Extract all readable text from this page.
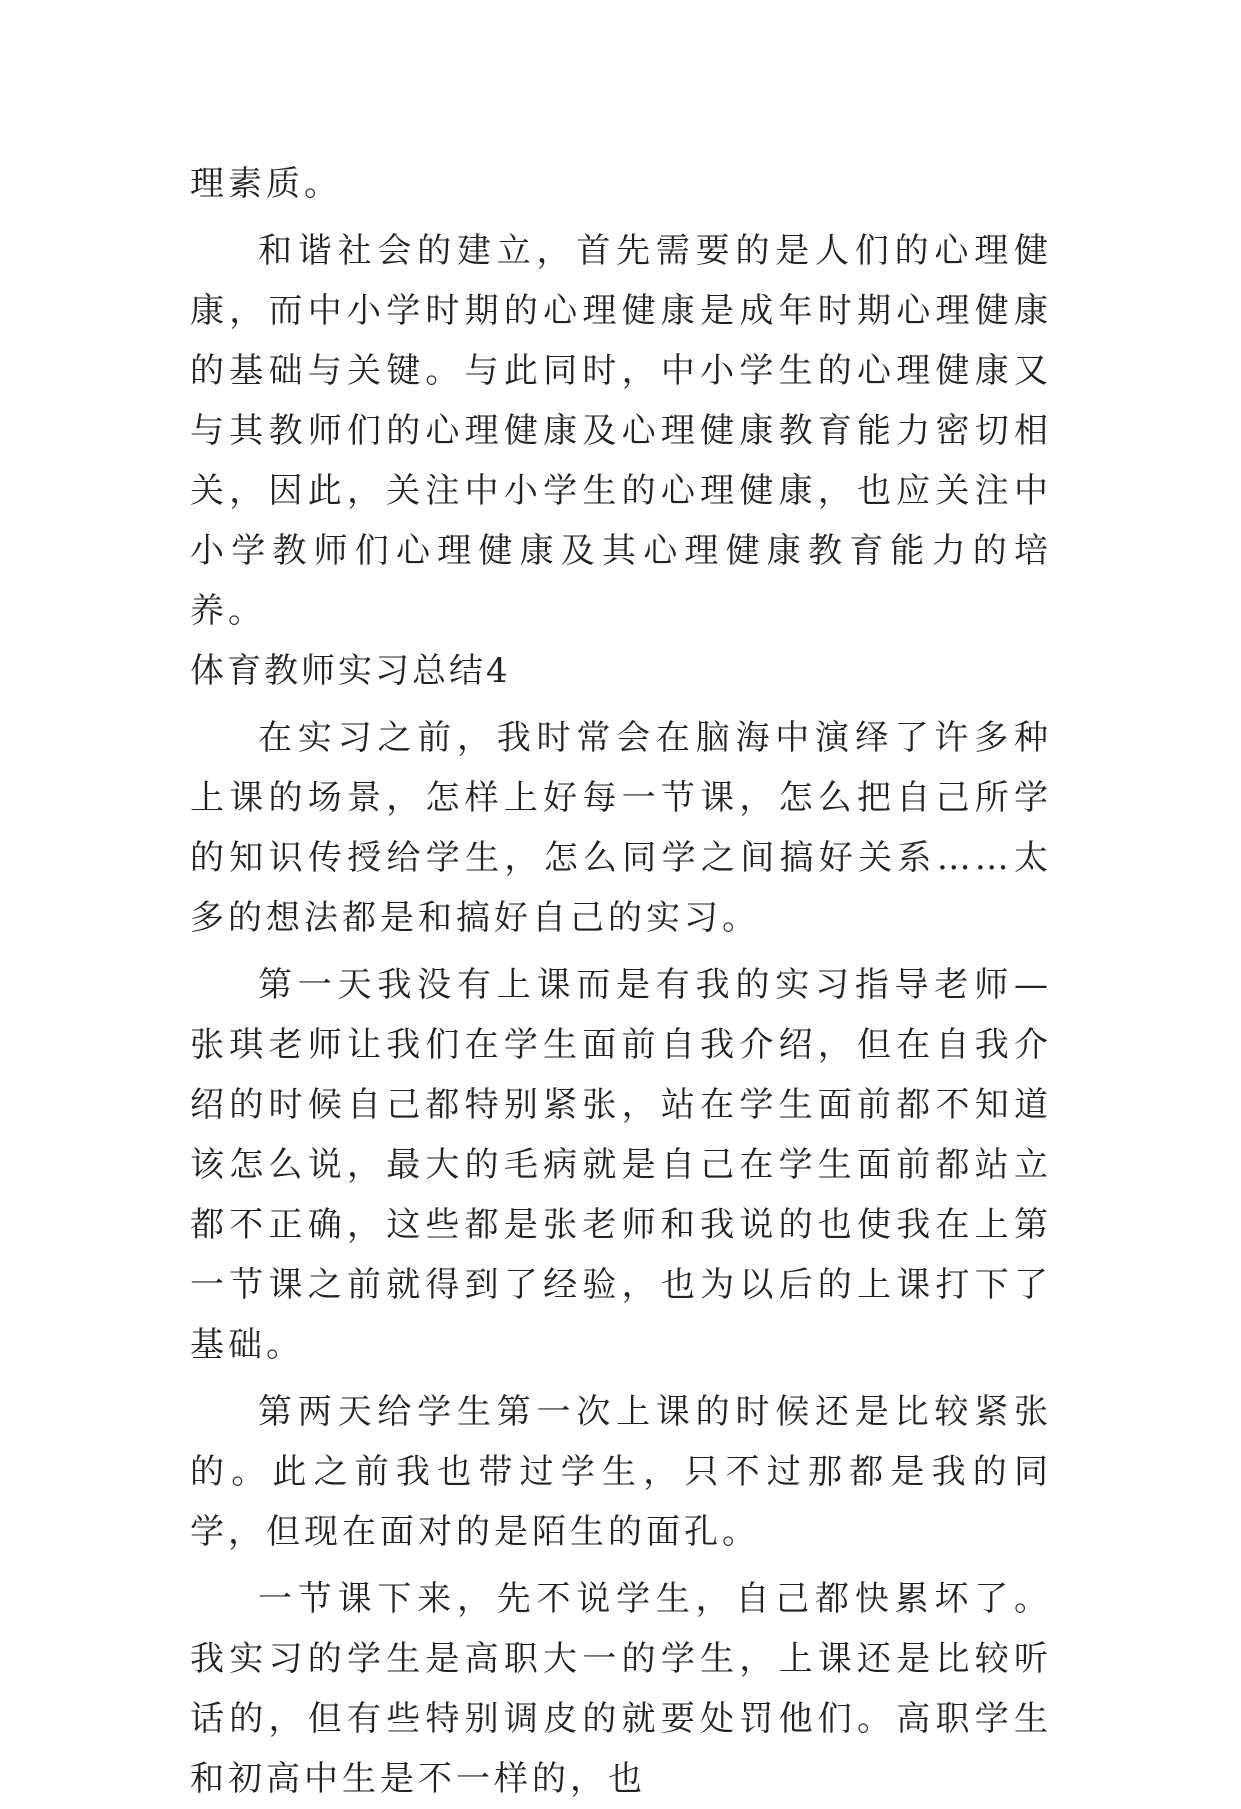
理素质。

和谐社会的建立，首先需要的是人们的心理健康，而中小学时期的心理健康是成年时期心理健康的基础与关键。与此同时，中小学生的心理健康又与其教师们的心理健康及心理健康教育能力密切相关，因此，关注中小学生的心理健康，也应关注中小学教师们心理健康及其心理健康教育能力的培养。

体育教师实习总结4

在实习之前，我时常会在脑海中演绎了许多种上课的场景，怎样上好每一节课，怎么把自己所学的知识传授给学生，怎么同学之间搞好关系……太多的想法都是和搞好自己的实习。

第一天我没有上课而是有我的实习指导老师—张琪老师让我们在学生面前自我介绍，但在自我介绍的时候自己都特别紧张，站在学生面前都不知道该怎么说，最大的毛病就是自己在学生面前都站立都不正确，这些都是张老师和我说的也使我在上第一节课之前就得到了经验，也为以后的上课打下了基础。

第两天给学生第一次上课的时候还是比较紧张的。此之前我也带过学生，只不过那都是我的同学，但现在面对的是陌生的面孔。

一节课下来，先不说学生，自己都快累坏了。我实习的学生是高职大一的学生，上课还是比较听话的，但有些特别调皮的就要处罚他们。高职学生和初高中生是不一样的，也
